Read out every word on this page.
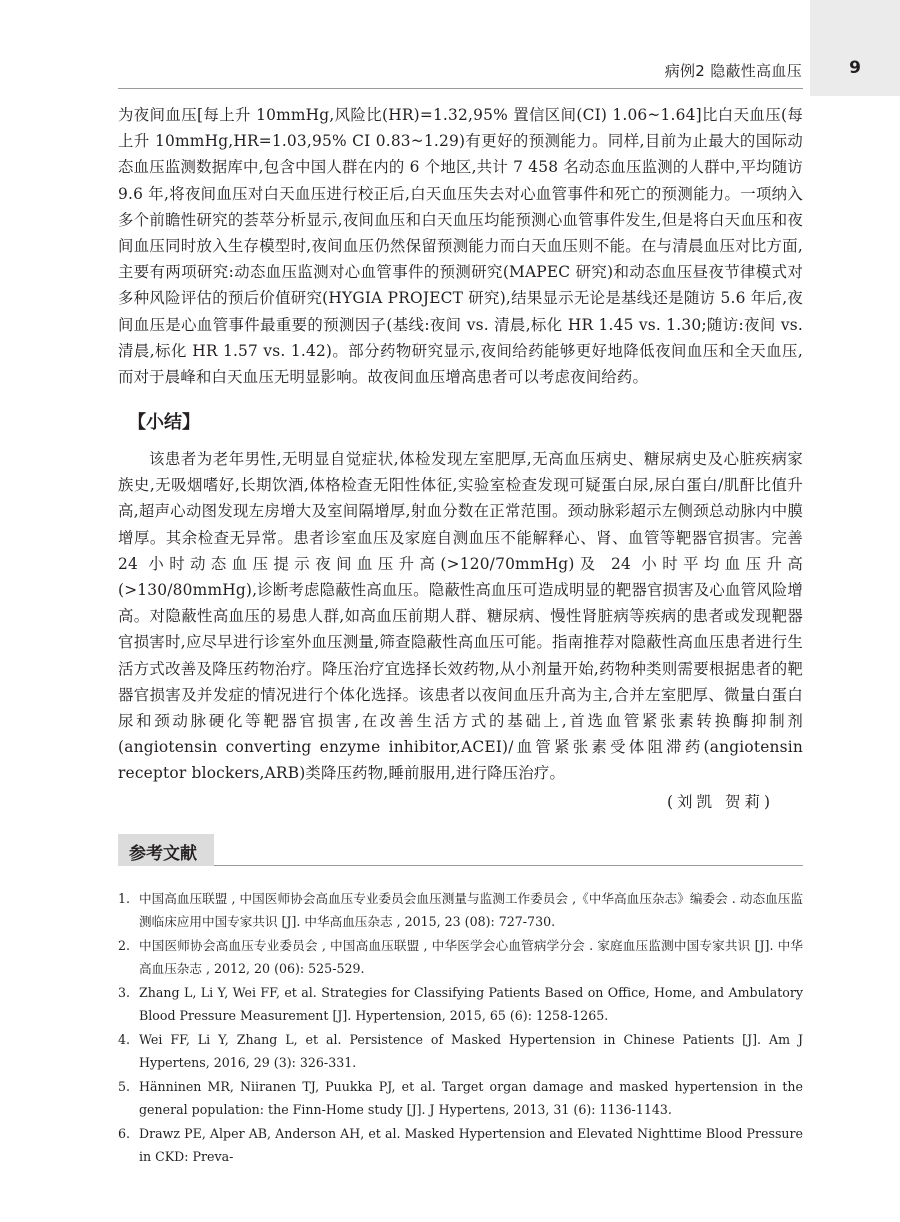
病例2 隐蔽性高血压	9

为夜间血压[每上升 10mmHg,风险比(HR)=1.32,95% 置信区间(CI) 1.06~1.64]比白天血压(每上升 10mmHg,HR=1.03,95% CI 0.83~1.29)有更好的预测能力。同样,目前为止最大的国际动态血压监测数据库中,包含中国人群在内的 6 个地区,共计 7 458 名动态血压监测的人群中,平均随访 9.6 年,将夜间血压对白天血压进行校正后,白天血压失去对心血管事件和死亡的预测能力。一项纳入多个前瞻性研究的荟萃分析显示,夜间血压和白天血压均能预测心血管事件发生,但是将白天血压和夜间血压同时放入生存模型时,夜间血压仍然保留预测能力而白天血压则不能。在与清晨血压对比方面,主要有两项研究:动态血压监测对心血管事件的预测研究(MAPEC 研究)和动态血压昼夜节律模式对多种风险评估的预后价值研究(HYGIA PROJECT 研究),结果显示无论是基线还是随访 5.6 年后,夜间血压是心血管事件最重要的预测因子(基线:夜间 vs. 清晨,标化 HR 1.45 vs. 1.30;随访:夜间 vs. 清晨,标化 HR 1.57 vs. 1.42)。部分药物研究显示,夜间给药能够更好地降低夜间血压和全天血压,而对于晨峰和白天血压无明显影响。故夜间血压增高患者可以考虑夜间给药。

【小结】

该患者为老年男性,无明显自觉症状,体检发现左室肥厚,无高血压病史、糖尿病史及心脏疾病家族史,无吸烟嗜好,长期饮酒,体格检查无阳性体征,实验室检查发现可疑蛋白尿,尿白蛋白/肌酐比值升高,超声心动图发现左房增大及室间隔增厚,射血分数在正常范围。颈动脉彩超示左侧颈总动脉内中膜增厚。其余检查无异常。患者诊室血压及家庭自测血压不能解释心、肾、血管等靶器官损害。完善 24 小时动态血压提示夜间血压升高(>120/70mmHg)及 24 小时平均血压升高(>130/80mmHg),诊断考虑隐蔽性高血压。隐蔽性高血压可造成明显的靶器官损害及心血管风险增高。对隐蔽性高血压的易患人群,如高血压前期人群、糖尿病、慢性肾脏病等疾病的患者或发现靶器官损害时,应尽早进行诊室外血压测量,筛查隐蔽性高血压可能。指南推荐对隐蔽性高血压患者进行生活方式改善及降压药物治疗。降压治疗宜选择长效药物,从小剂量开始,药物种类则需要根据患者的靶器官损害及并发症的情况进行个体化选择。该患者以夜间血压升高为主,合并左室肥厚、微量白蛋白尿和颈动脉硬化等靶器官损害,在改善生活方式的基础上,首选血管紧张素转换酶抑制剂(angiotensin converting enzyme inhibitor,ACEI)/血管紧张素受体阻滞药(angiotensin receptor blockers,ARB)类降压药物,睡前服用,进行降压治疗。

(刘凯 贺莉)
参考文献
1. 中国高血压联盟 , 中国医师协会高血压专业委员会血压测量与监测工作委员会 ,《中华高血压杂志》编委会 . 动态血压监测临床应用中国专家共识 [J]. 中华高血压杂志 , 2015, 23 (08): 727-730.
2. 中国医师协会高血压专业委员会 , 中国高血压联盟 , 中华医学会心血管病学分会 . 家庭血压监测中国专家共识 [J]. 中华高血压杂志 , 2012, 20 (06): 525-529.
3. Zhang L, Li Y, Wei FF, et al. Strategies for Classifying Patients Based on Office, Home, and Ambulatory Blood Pressure Measurement [J]. Hypertension, 2015, 65 (6): 1258-1265.
4. Wei FF, Li Y, Zhang L, et al. Persistence of Masked Hypertension in Chinese Patients [J]. Am J Hypertens, 2016, 29 (3): 326-331.
5. Hänninen MR, Niiranen TJ, Puukka PJ, et al. Target organ damage and masked hypertension in the general population: the Finn-Home study [J]. J Hypertens, 2013, 31 (6): 1136-1143.
6. Drawz PE, Alper AB, Anderson AH, et al. Masked Hypertension and Elevated Nighttime Blood Pressure in CKD: Preva-
